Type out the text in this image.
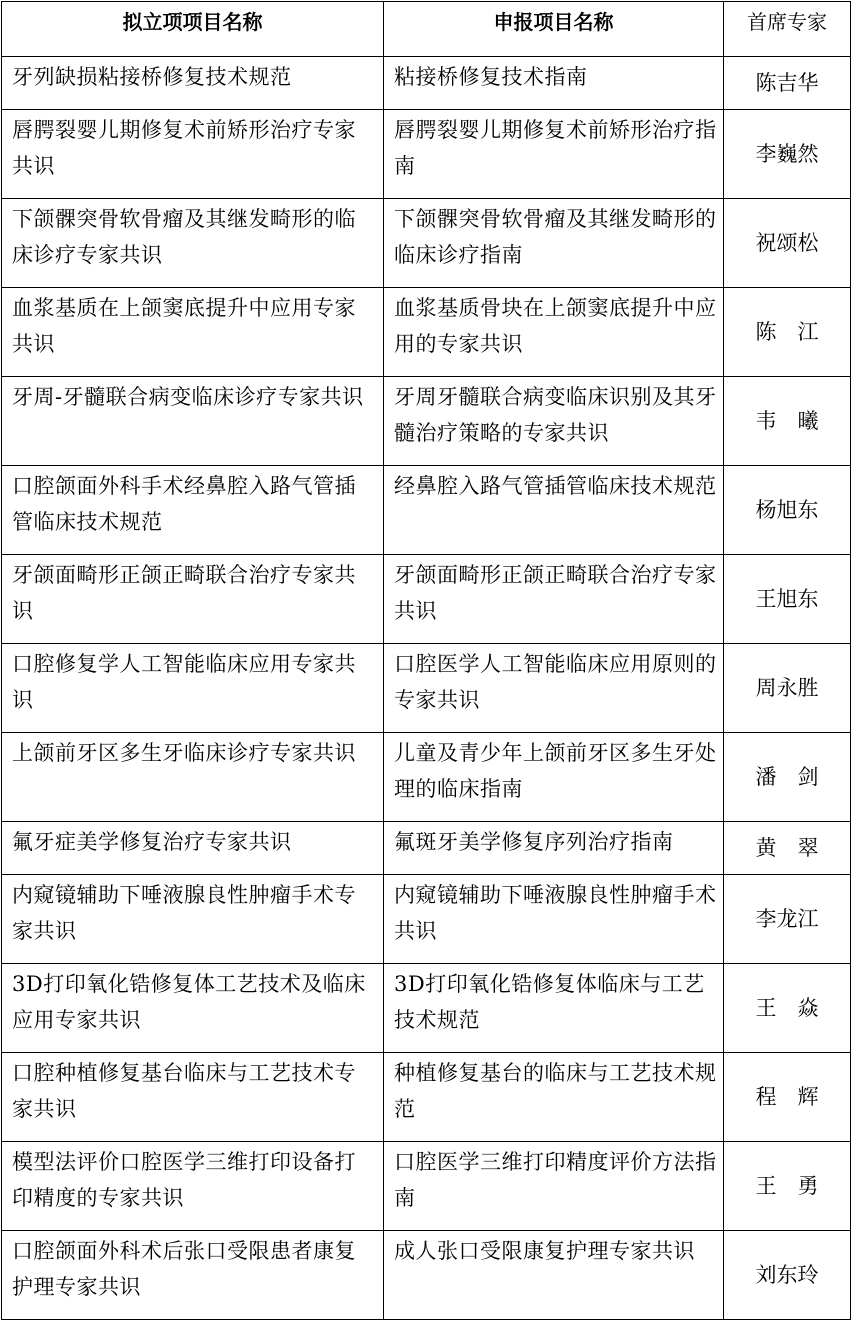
拟立项项目名称	申报项目名称	首席专家
牙列缺损粘接桥修复技术规范	粘接桥修复技术指南	陈吉华
唇腭裂婴儿期修复术前矫形治疗专家共识	唇腭裂婴儿期修复术前矫形治疗指南	李巍然
下颌髁突骨软骨瘤及其继发畸形的临床诊疗专家共识	下颌髁突骨软骨瘤及其继发畸形的临床诊疗指南	祝颂松
血浆基质在上颌窦底提升中应用专家共识	血浆基质骨块在上颌窦底提升中应用的专家共识	陈　江
牙周-牙髓联合病变临床诊疗专家共识	牙周牙髓联合病变临床识别及其牙髓治疗策略的专家共识	韦　曦
口腔颌面外科手术经鼻腔入路气管插管临床技术规范	经鼻腔入路气管插管临床技术规范	杨旭东
牙颌面畸形正颌正畸联合治疗专家共识	牙颌面畸形正颌正畸联合治疗专家共识	王旭东
口腔修复学人工智能临床应用专家共识	口腔医学人工智能临床应用原则的专家共识	周永胜
上颌前牙区多生牙临床诊疗专家共识	儿童及青少年上颌前牙区多生牙处理的临床指南	潘　剑
氟牙症美学修复治疗专家共识	氟斑牙美学修复序列治疗指南	黄　翠
内窥镜辅助下唾液腺良性肿瘤手术专家共识	内窥镜辅助下唾液腺良性肿瘤手术共识	李龙江
3D打印氧化锆修复体工艺技术及临床应用专家共识	3D打印氧化锆修复体临床与工艺技术规范	王　焱
口腔种植修复基台临床与工艺技术专家共识	种植修复基台的临床与工艺技术规范	程　辉
模型法评价口腔医学三维打印设备打印精度的专家共识	口腔医学三维打印精度评价方法指南	王　勇
口腔颌面外科术后张口受限患者康复护理专家共识	成人张口受限康复护理专家共识	刘东玲
